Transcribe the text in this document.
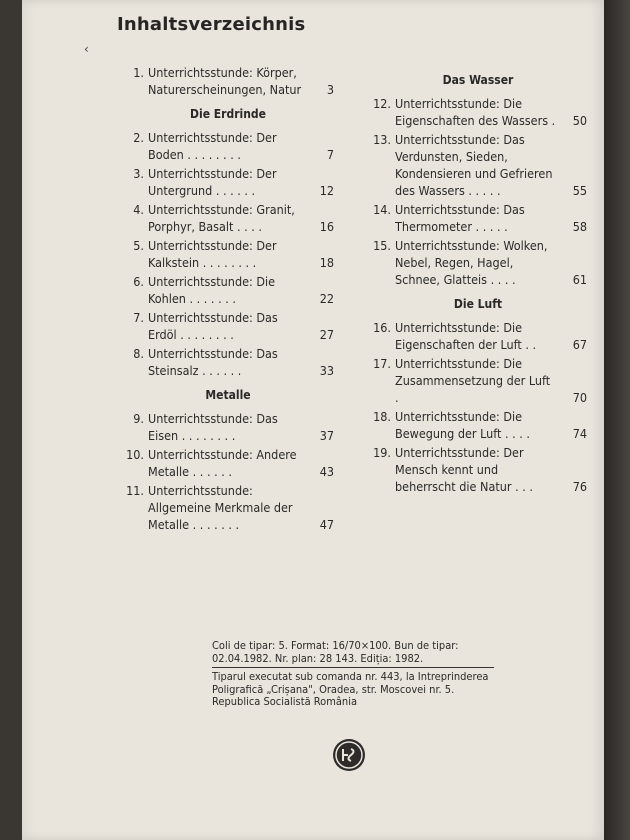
Inhaltsverzeichnis
‹
1. Unterrichtsstunde: Körper, Naturerscheinungen, Natur	3
Die Erdrinde
2. Unterrichtsstunde: Der Boden . . . . . . . .	7
3. Unterrichtsstunde: Der Untergrund . . . . . .	12
4. Unterrichtsstunde: Granit, Porphyr, Basalt . . . .	16
5. Unterrichtsstunde: Der Kalkstein . . . . . . . .	18
6. Unterrichtsstunde: Die Kohlen . . . . . . .	22
7. Unterrichtsstunde: Das Erdöl . . . . . . . .	27
8. Unterrichtsstunde: Das Steinsalz . . . . . .	33
Metalle
9. Unterrichtsstunde: Das Eisen . . . . . . . .	37
10. Unterrichtsstunde: Andere Metalle . . . . . .	43
11. Unterrichtsstunde: Allgemeine Merkmale der Metalle . . . . . . .	47
Das Wasser
12. Unterrichtsstunde: Die Eigenschaften des Wassers .	50
13. Unterrichtsstunde: Das Verdunsten, Sieden, Kondensieren und Gefrieren des Wassers . . . . .	55
14. Unterrichtsstunde: Das Thermometer . . . . .	58
15. Unterrichtsstunde: Wolken, Nebel, Regen, Hagel, Schnee, Glatteis . . . .	61
Die Luft
16. Unterrichtsstunde: Die Eigenschaften der Luft . .	67
17. Unterrichtsstunde: Die Zusammensetzung der Luft .	70
18. Unterrichtsstunde: Die Bewegung der Luft . . . .	74
19. Unterrichtsstunde: Der Mensch kennt und beherrscht die Natur . . .	76
Coli de tipar: 5. Format: 16/70×100. Bun de tipar: 02.04.1982. Nr. plan: 28 143. Ediția: 1982.
Tiparul executat sub comanda nr. 443, la Intreprinderea Poligrafică „Crișana", Oradea, str. Moscovei nr. 5.
Republica Socialistă România
